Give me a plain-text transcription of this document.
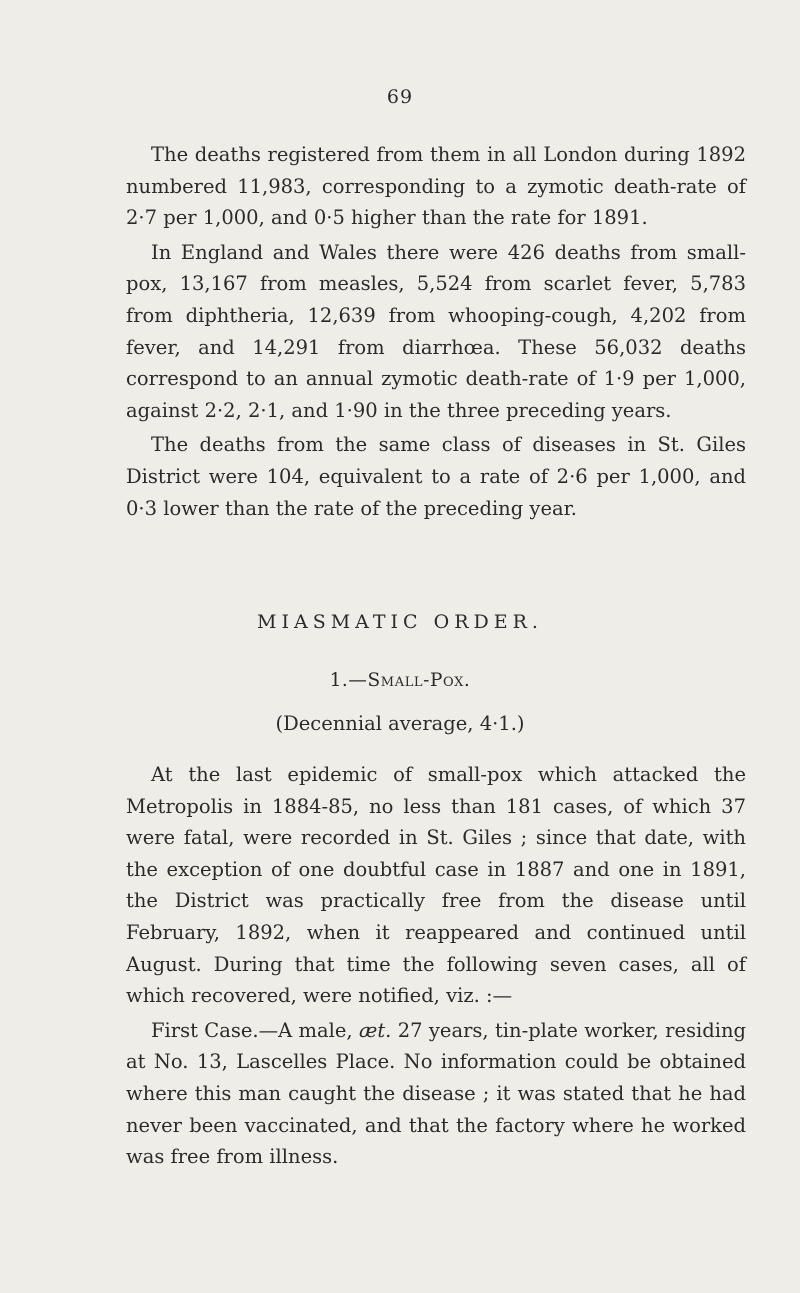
69

The deaths registered from them in all London during 1892 numbered 11,983, corresponding to a zymotic death-rate of 2·7 per 1,000, and 0·5 higher than the rate for 1891.

In England and Wales there were 426 deaths from small-pox, 13,167 from measles, 5,524 from scarlet fever, 5,783 from diphtheria, 12,639 from whooping-cough, 4,202 from fever, and 14,291 from diarrhœa. These 56,032 deaths correspond to an annual zymotic death-rate of 1·9 per 1,000, against 2·2, 2·1, and 1·90 in the three preceding years.

The deaths from the same class of diseases in St. Giles District were 104, equivalent to a rate of 2·6 per 1,000, and 0·3 lower than the rate of the preceding year.

MIASMATIC ORDER.
1.—Small-Pox.

(Decennial average, 4·1.)

At the last epidemic of small-pox which attacked the Metropolis in 1884-85, no less than 181 cases, of which 37 were fatal, were recorded in St. Giles ; since that date, with the exception of one doubtful case in 1887 and one in 1891, the District was practically free from the disease until February, 1892, when it reappeared and continued until August. During that time the following seven cases, all of which recovered, were notified, viz. :—

First Case.—A male, æt. 27 years, tin-plate worker, residing at No. 13, Lascelles Place. No information could be obtained where this man caught the disease ; it was stated that he had never been vaccinated, and that the factory where he worked was free from illness.
